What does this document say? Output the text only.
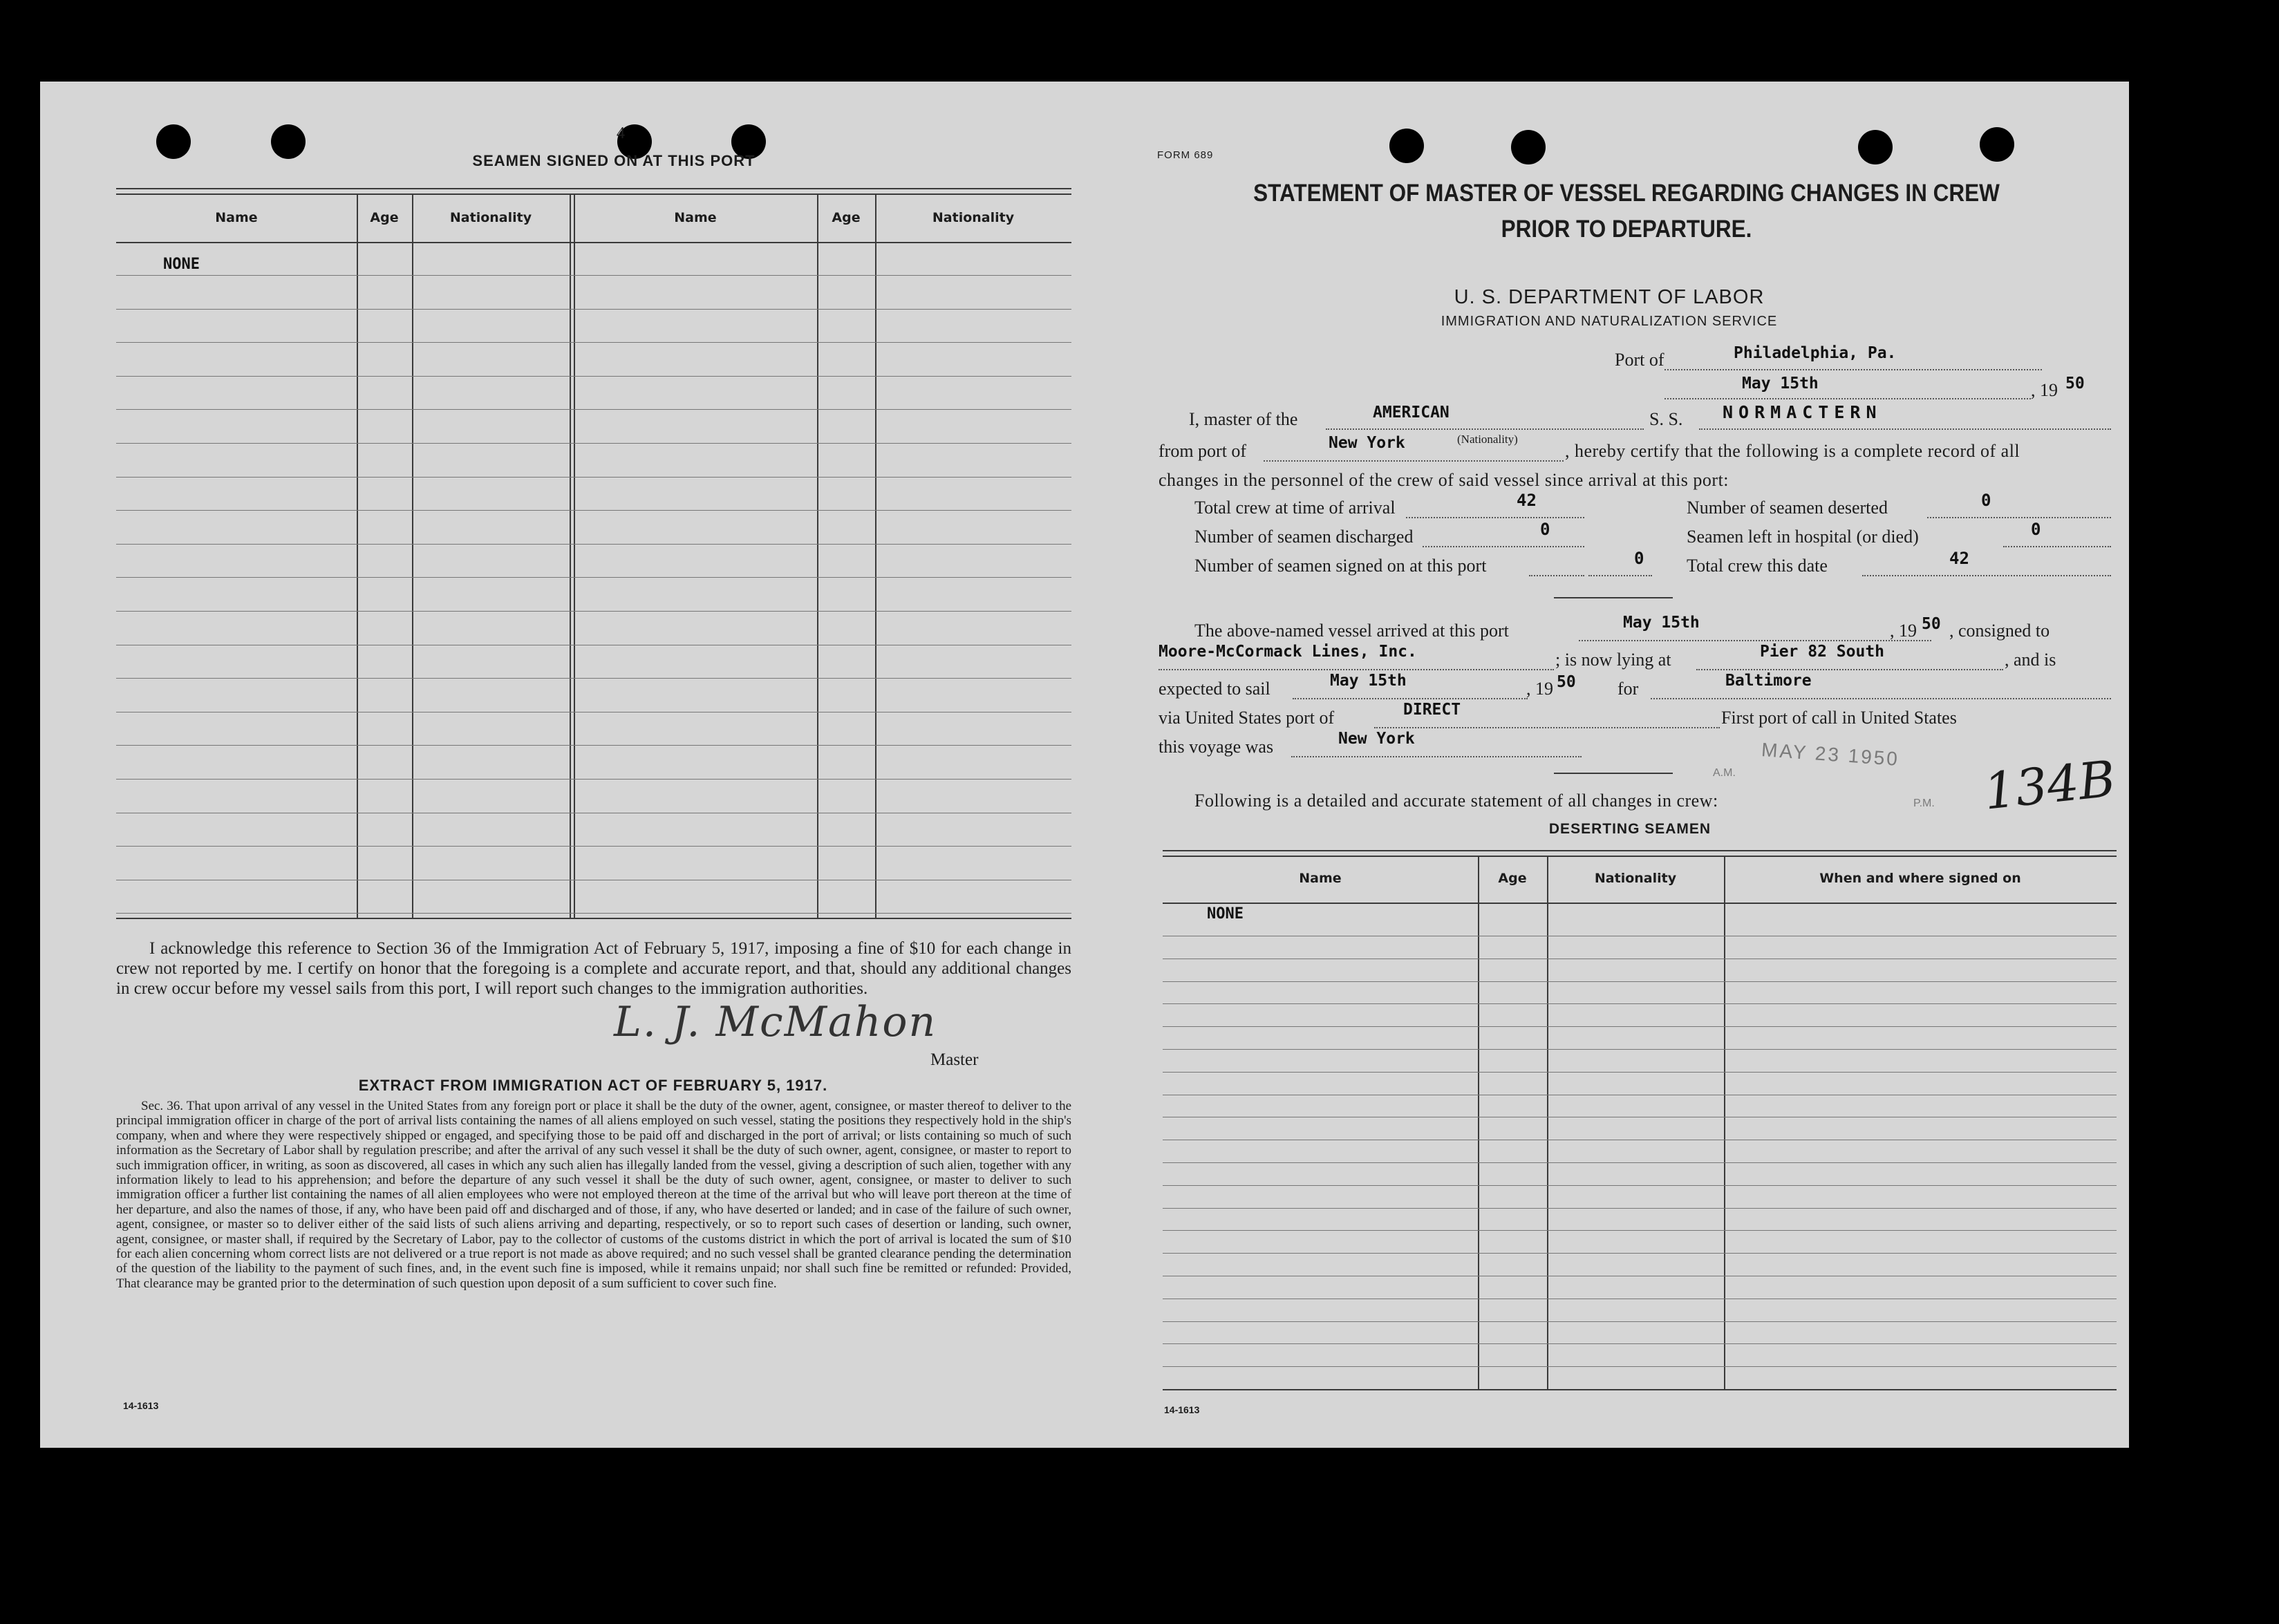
4
SEAMEN SIGNED ON AT THIS PORT
Name	Age	Nationality	Name	Age	Nationality
NONE
I acknowledge this reference to Section 36 of the Immigration Act of February 5, 1917, imposing a fine of $10 for each change in crew not reported by me. I certify on honor that the foregoing is a complete and accurate report, and that, should any additional changes in crew occur before my vessel sails from this port, I will report such changes to the immigration authorities.
L. J. McMahon
Master
EXTRACT FROM IMMIGRATION ACT OF FEBRUARY 5, 1917.
Sec. 36. That upon arrival of any vessel in the United States from any foreign port or place it shall be the duty of the owner, agent, consignee, or master thereof to deliver to the principal immigration officer in charge of the port of arrival lists containing the names of all aliens employed on such vessel, stating the positions they respectively hold in the ship's company, when and where they were respectively shipped or engaged, and specifying those to be paid off and discharged in the port of arrival; or lists containing so much of such information as the Secretary of Labor shall by regulation prescribe; and after the arrival of any such vessel it shall be the duty of such owner, agent, consignee, or master to report to such immigration officer, in writing, as soon as discovered, all cases in which any such alien has illegally landed from the vessel, giving a description of such alien, together with any information likely to lead to his apprehension; and before the departure of any such vessel it shall be the duty of such owner, agent, consignee, or master to deliver to such immigration officer a further list containing the names of all alien employees who were not employed thereon at the time of the arrival but who will leave port thereon at the time of her departure, and also the names of those, if any, who have been paid off and discharged and of those, if any, who have deserted or landed; and in case of the failure of such owner, agent, consignee, or master so to deliver either of the said lists of such aliens arriving and departing, respectively, or so to report such cases of desertion or landing, such owner, agent, consignee, or master shall, if required by the Secretary of Labor, pay to the collector of customs of the customs district in which the port of arrival is located the sum of $10 for each alien concerning whom correct lists are not delivered or a true report is not made as above required; and no such vessel shall be granted clearance pending the determination of the question of the liability to the payment of such fines, and, in the event such fine is imposed, while it remains unpaid; nor shall such fine be remitted or refunded: Provided, That clearance may be granted prior to the determination of such question upon deposit of a sum sufficient to cover such fine.
14-1613
FORM 689
STATEMENT OF MASTER OF VESSEL REGARDING CHANGES IN CREW
PRIOR TO DEPARTURE.
U. S. DEPARTMENT OF LABOR
IMMIGRATION AND NATURALIZATION SERVICE
Port of	Philadelphia, Pa.
May 15th	, 19 50
I, master of the	AMERICAN
(Nationality)
S. S. NORMACTERN
from port of	New York	, hereby certify that the following is a complete record of all
changes in the personnel of the crew of said vessel since arrival at this port:
Total crew at time of arrival	42
Number of seamen discharged	0
Number of seamen signed on at this port	0
Number of seamen deserted	0
Seamen left in hospital (or died)	0
Total crew this date	42
The above-named vessel arrived at this port	May 15th	, 19 50 , consigned to
Moore-McCormack Lines, Inc.	; is now lying at	Pier 82 South	, and is
expected to sail	May 15th	, 19 50 for	Baltimore
via United States port of	DIRECT	First port of call in United States
this voyage was	New York
MAY 23 1950
A.M.
P.M. 134B
Following is a detailed and accurate statement of all changes in crew:
DESERTING SEAMEN
Name	Age	Nationality	When and where signed on
NONE
14-1613
